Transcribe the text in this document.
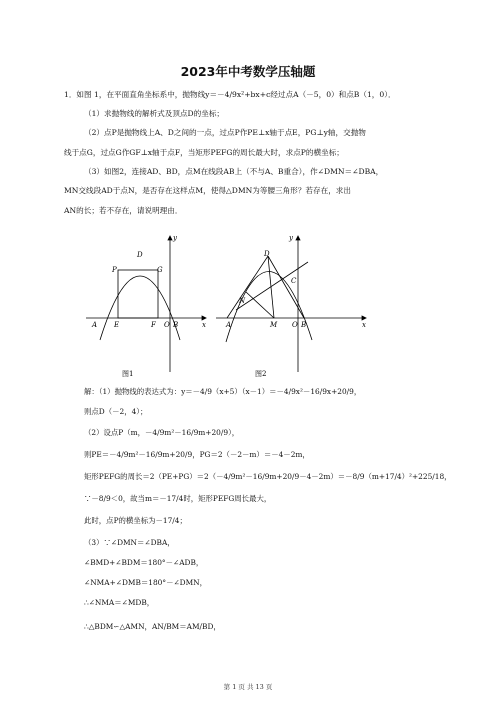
2023年中考数学压轴题
1．如图 1，在平面直角坐标系中，抛物线y＝－4/9x²+bx+c经过点A（－5，0）和点B（1，0）．
（1）求抛物线的解析式及顶点D的坐标；
（2）点P是抛物线上A、D之间的一点，过点P作PE⊥x轴于点E，PG⊥y轴，交抛物
线于点G，过点G作GF⊥x轴于点F，当矩形PEFG的周长最大时，求点P的横坐标；
（3）如图2，连接AD、BD，点M在线段AB上（不与A、B重合），作∠DMN＝∠DBA，
MN交线段AD于点N，是否存在这样点M，使得△DMN为等腰三角形？若存在，求出
AN的长；若不存在，请说明理由．
y
x
D
P	G
A E	F O B
图1
y
x
D
C
N
A	M O B
图2
解：（1）抛物线的表达式为：y＝－4/9（x+5）（x－1）＝－4/9x²－16/9x+20/9，
则点D（－2，4）；
（2）设点P（m，－4/9m²－16/9m+20/9），
则PE＝－4/9m²－16/9m+20/9，PG＝2（－2－m）＝－4－2m，
矩形PEFG的周长＝2（PE+PG）＝2（－4/9m²－16/9m+20/9－4－2m）＝－8/9（m+17/4）²+225/18，
∵－8/9＜0，故当m＝－17/4时，矩形PEFG周长最大，
此时，点P的横坐标为－17/4；
（3）∵∠DMN＝∠DBA，
∠BMD+∠BDM＝180°－∠ADB，
∠NMA+∠DMB＝180°－∠DMN，
∴∠NMA＝∠MDB，
∴△BDM∽△AMN，AN/BM＝AM/BD，
第 1 页 共 13 页
